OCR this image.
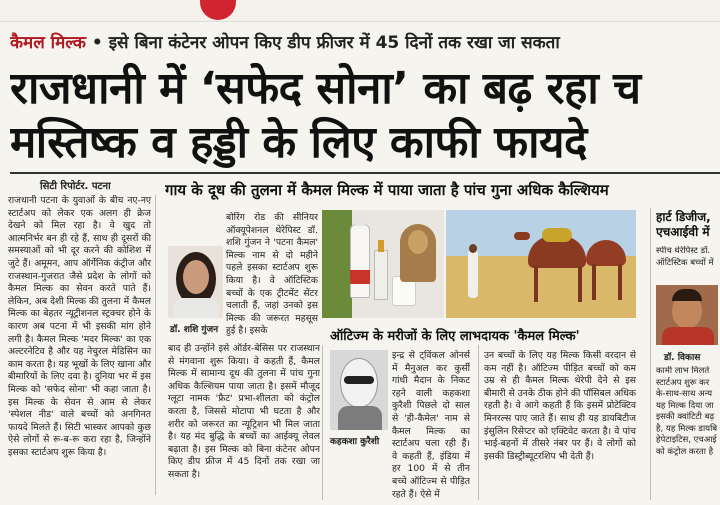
कैमल मिल्क • इसे बिना कंटेनर ओपन किए डीप फ्रीजर में 45 दिनों तक रखा जा सकता
राजधानी में ‘सफेद सोना’ का बढ़ रहा च
मस्तिष्क व हड्डी के लिए काफी फायदे
सिटी रिपोर्टर. पटना
राजधानी पटना के युवाओं के बीच नए-नए स्टार्टअप को लेकर एक अलग ही क्रेज देखने को मिल रहा है। वे खुद तो आत्मनिर्भर बन ही रहे हैं, साथ ही दूसरों की समस्याओं को भी दूर करने की कोशिश में जुटे हैं। अमूमन, आप ऑर्गेनिक कंट्रीज और राजस्थान-गुजरात जैसे प्रदेश के लोगों को कैमल मिल्क का सेवन करते पाते हैं। लेकिन, अब देशी मिल्क की तुलना में कैमल मिल्क का बेहतर न्यूट्रीशनल स्ट्रक्चर होने के कारण अब पटना में भी इसकी मांग होने लगी है। कैमल मिल्क 'मदर मिल्क' का एक अल्टरनेटिव है और यह नेचुरल मेडिसिन का काम करता है। यह भूखों के लिए खाना और बीमारियों के लिए दवा है। दुनिया भर में इस मिल्क को 'सफेद सोना' भी कहा जाता है। इस मिल्क के सेवन से आम से लेकर 'स्पेशल नीड' वाले बच्चों को अनगिनत फायदे मिलते हैं। सिटी भास्कर आपको कुछ ऐसे लोगों से रू-ब-रू करा रहा है, जिन्होंने इसका स्टार्टअप शुरू किया है।
गाय के दूध की तुलना में कैमल मिल्क में पाया जाता है पांच गुना अधिक कैल्शियम
डॉ. शशि गुंजन
बोरिंग रोड की सीनियर ऑक्यूपेशनल थेरेपिस्ट डॉ. शशि गुंजन ने 'पटना कैमल' मिल्क नाम से दो महीने पहले इसका स्टार्टअप शुरू किया है। वे ऑटिस्टिक बच्चों के एक ट्रीटमेंट सेंटर चलाती हैं, जहां उनको इस मिल्क की जरूरत महसूस हुई है। इसके
बाद ही उन्होंने इसे ऑर्डर-बेसिस पर राजस्थान से मंगवाना शुरू किया। वे कहती हैं, कैमल मिल्क में सामान्य दूध की तुलना में पांच गुना अधिक कैल्शियम पाया जाता है। इसमें मौजूद ग्लूटा नामक 'फ्रैट' प्रभा-शीलता को कंट्रोल करता है, जिससे मोटापा भी घटता है और शरीर को जरूरत का न्यूट्रिशन भी मिल जाता है। यह मंद बुद्धि के बच्चों का आईक्यू लेवल बढ़ाता है। इस मिल्क को बिना कंटेनर ओपन किए डीप फ्रीज में 45 दिनों तक रखा जा सकता है।
ऑटिज्म के मरीजों के लिए लाभदायक 'कैमल मिल्क'
कहकशा कुरैशी
इन्द्र से ट्विंकल ओनर्स में मैनुअल कर कुर्सी गांधी मैदान के निकट रहने वाली कहकशा कुरैशी पिछले दो साल से 'ही-कैमेल' नाम से कैमल मिल्क का स्टार्टअप चला रही हैं। वे कहती हैं, इंडिया में हर 100 में से तीन बच्चे ऑटिज्म से पीड़ित रहते हैं। ऐसे में
उन बच्चों के लिए यह मिल्क किसी वरदान से कम नहीं है। ऑटिज्म पीड़ित बच्चों को कम उम्र से ही कैमल मिल्क थेरेपी देने से इस बीमारी से उनके ठीक होने की पॉसिबल अधिक रहती है। वे आगे कहती हैं कि इसमें प्रोटेक्टिव मिनरल्स पाए जाते हैं। साथ ही यह डायबिटीज इंसुलिन रिसेप्टर को एक्टिवेट करता है। वे पांच भाई-बहनों में तीसरे नंबर पर हैं। वे लोगों को इसकी डिस्ट्रीब्यूटरशिप भी देती हैं।
हार्ट डिजीज,
एचआईवी में
स्पीच थेरेपिस्ट डॉ.
ऑटिस्टिक बच्चों में
डॉ. विकास
कामी लाभ मिलते
स्टार्टअप शुरू कर
के-साथ-साथ अन्य
यह मिल्क दिया जा
इसकी क्वांटिटी बढ़
है, यह मिल्क डायबि
हेपेटाइटिस, एचआई
को कंट्रोल करता है
